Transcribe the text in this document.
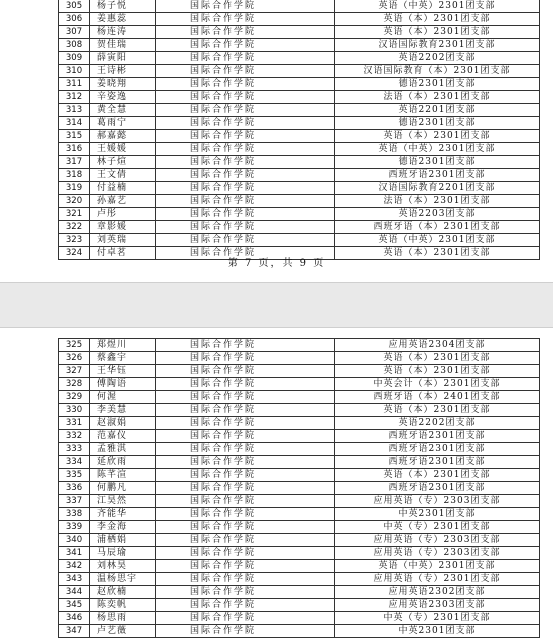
305	杨子悦	国际合作学院	英语（中英）2301团支部
306	姜惠蕊	国际合作学院	英语（本）2301团支部
307	杨连涛	国际合作学院	英语（本）2301团支部
308	贺佳瑞	国际合作学院	汉语国际教育2301团支部
309	薛寅阳	国际合作学院	英语2202团支部
310	王诗彬	国际合作学院	汉语国际教育（本）2301团支部
311	姜晓翔	国际合作学院	德语2301团支部
312	辛姿逸	国际合作学院	法语（本）2301团支部
313	黄全慧	国际合作学院	英语2201团支部
314	葛雨宁	国际合作学院	德语2301团支部
315	郝嘉懿	国际合作学院	英语（本）2301团支部
316	王媛媛	国际合作学院	英语（中英）2301团支部
317	林子煊	国际合作学院	德语2301团支部
318	王文倩	国际合作学院	西班牙语2301团支部
319	付益楠	国际合作学院	汉语国际教育2201团支部
320	孙嘉艺	国际合作学院	法语（本）2301团支部
321	卢彤	国际合作学院	英语2203团支部
322	章影媛	国际合作学院	西班牙语（本）2301团支部
323	刘英瑞	国际合作学院	英语（中英）2301团支部
324	付卓茗	国际合作学院	英语（本）2301团支部
第 7 页，共 9 页
325	郑煜川	国际合作学院	应用英语2304团支部
326	蔡鑫宇	国际合作学院	英语（本）2301团支部
327	王华钰	国际合作学院	英语（本）2301团支部
328	傅陶语	国际合作学院	中英会计（本）2301团支部
329	何渥	国际合作学院	西班牙语（本）2401团支部
330	李美慧	国际合作学院	英语（本）2301团支部
331	赵淑娟	国际合作学院	英语2202团支部
332	范嘉仪	国际合作学院	西班牙语2301团支部
333	孟雅淇	国际合作学院	西班牙语2301团支部
334	延欣雨	国际合作学院	西班牙语2301团支部
335	陈芊渲	国际合作学院	英语（本）2301团支部
336	何鹏凡	国际合作学院	西班牙语2301团支部
337	江昊然	国际合作学院	应用英语（专）2303团支部
338	齐能华	国际合作学院	中英2301团支部
339	李金海	国际合作学院	中英（专）2301团支部
340	浦栖娟	国际合作学院	应用英语（专）2303团支部
341	马辰瑜	国际合作学院	应用英语（专）2303团支部
342	刘林昊	国际合作学院	英语（中英）2301团支部
343	温杨思宇	国际合作学院	应用英语（专）2301团支部
344	赵欣楠	国际合作学院	应用英语2302团支部
345	陈奕帆	国际合作学院	应用英语2303团支部
346	杨思雨	国际合作学院	中英（专）2301团支部
347	卢艺薇	国际合作学院	中英2301团支部
